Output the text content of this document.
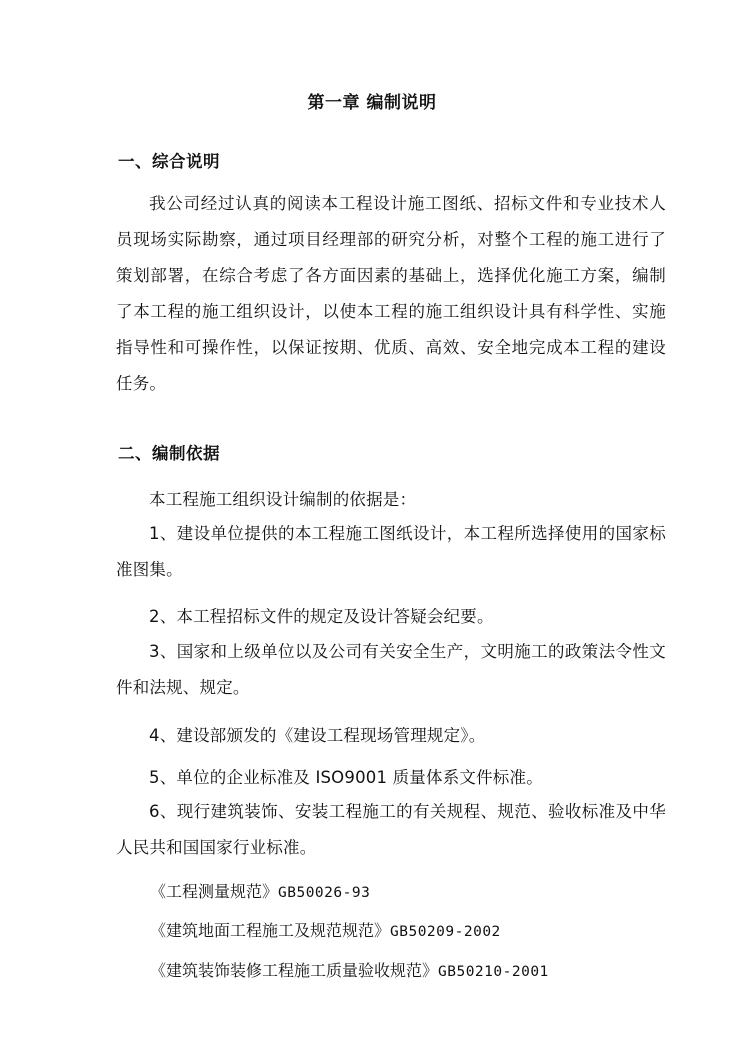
第一章 编制说明
一、综合说明
我公司经过认真的阅读本工程设计施工图纸、招标文件和专业技术人员现场实际勘察，通过项目经理部的研究分析，对整个工程的施工进行了策划部署，在综合考虑了各方面因素的基础上，选择优化施工方案，编制了本工程的施工组织设计，以使本工程的施工组织设计具有科学性、实施指导性和可操作性，以保证按期、优质、高效、安全地完成本工程的建设任务。
二、编制依据
本工程施工组织设计编制的依据是：
1、建设单位提供的本工程施工图纸设计，本工程所选择使用的国家标准图集。
2、本工程招标文件的规定及设计答疑会纪要。
3、国家和上级单位以及公司有关安全生产，文明施工的政策法令性文件和法规、规定。
4、建设部颁发的《建设工程现场管理规定》。
5、单位的企业标准及 ISO9001 质量体系文件标准。
6、现行建筑装饰、安装工程施工的有关规程、规范、验收标准及中华人民共和国国家行业标准。
《工程测量规范》GB50026-93
《建筑地面工程施工及规范规范》GB50209-2002
《建筑装饰装修工程施工质量验收规范》GB50210-2001
